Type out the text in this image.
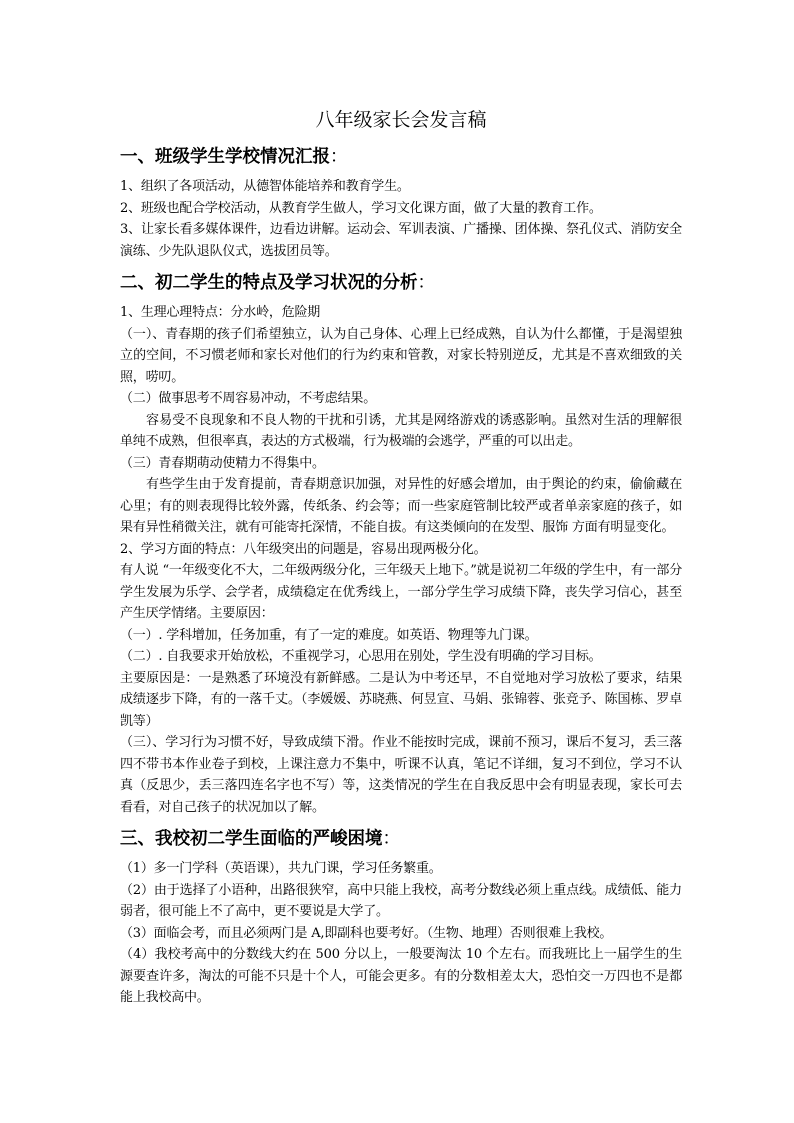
八年级家长会发言稿
一、班级学生学校情况汇报：

1、组织了各项活动，从德智体能培养和教育学生。

2、班级也配合学校活动，从教育学生做人，学习文化课方面，做了大量的教育工作。

3、让家长看多媒体课件，边看边讲解。运动会、军训表演、广播操、团体操、祭孔仪式、消防安全演练、少先队退队仪式，选拔团员等。

二、初二学生的特点及学习状况的分析：

1、生理心理特点：分水岭，危险期

（一）、青春期的孩子们希望独立，认为自己身体、心理上已经成熟，自认为什么都懂，于是渴望独立的空间，不习惯老师和家长对他们的行为约束和管教，对家长特别逆反，尤其是不喜欢细致的关照，唠叨。

（二）做事思考不周容易冲动，不考虑结果。

容易受不良现象和不良人物的干扰和引诱，尤其是网络游戏的诱惑影响。虽然对生活的理解很单纯不成熟，但很率真，表达的方式极端，行为极端的会逃学，严重的可以出走。

（三）青春期萌动使精力不得集中。

有些学生由于发育提前，青春期意识加强，对异性的好感会增加，由于舆论的约束，偷偷藏在心里；有的则表现得比较外露，传纸条、约会等；而一些家庭管制比较严或者单亲家庭的孩子，如果有异性稍微关注，就有可能寄托深情，不能自拔。有这类倾向的在发型、服饰 方面有明显变化。

2、学习方面的特点：八年级突出的问题是，容易出现两极分化。

有人说 “一年级变化不大，二年级两级分化，三年级天上地下。”就是说初二年级的学生中，有一部分学生发展为乐学、会学者，成绩稳定在优秀线上，一部分学生学习成绩下降，丧失学习信心，甚至产生厌学情绪。主要原因：

（一）. 学科增加，任务加重，有了一定的难度。如英语、物理等九门课。

（二）. 自我要求开始放松，不重视学习，心思用在别处，学生没有明确的学习目标。

主要原因是：一是熟悉了环境没有新鲜感。二是认为中考还早，不自觉地对学习放松了要求，结果成绩逐步下降，有的一落千丈。（李媛媛、苏晓燕、何昱宣、马娟、张锦蓉、张竞予、陈国栋、罗卓凯等）

（三）、学习行为习惯不好，导致成绩下滑。作业不能按时完成，课前不预习，课后不复习，丢三落四不带书本作业卷子到校，上课注意力不集中，听课不认真，笔记不详细，复习不到位，学习不认真（反思少，丢三落四连名字也不写）等，这类情况的学生在自我反思中会有明显表现，家长可去看看，对自己孩子的状况加以了解。

三、我校初二学生面临的严峻困境：

（1）多一门学科（英语课），共九门课，学习任务繁重。

（2）由于选择了小语种，出路很狭窄，高中只能上我校，高考分数线必须上重点线。成绩低、能力弱者，很可能上不了高中，更不要说是大学了。

（3）面临会考，而且必须两门是 A,即副科也要考好。（生物、地理）否则很难上我校。

（4）我校考高中的分数线大约在 500 分以上，一般要淘汰 10 个左右。而我班比上一届学生的生源要查许多，淘汰的可能不只是十个人，可能会更多。有的分数相差太大，恐怕交一万四也不是都能上我校高中。
